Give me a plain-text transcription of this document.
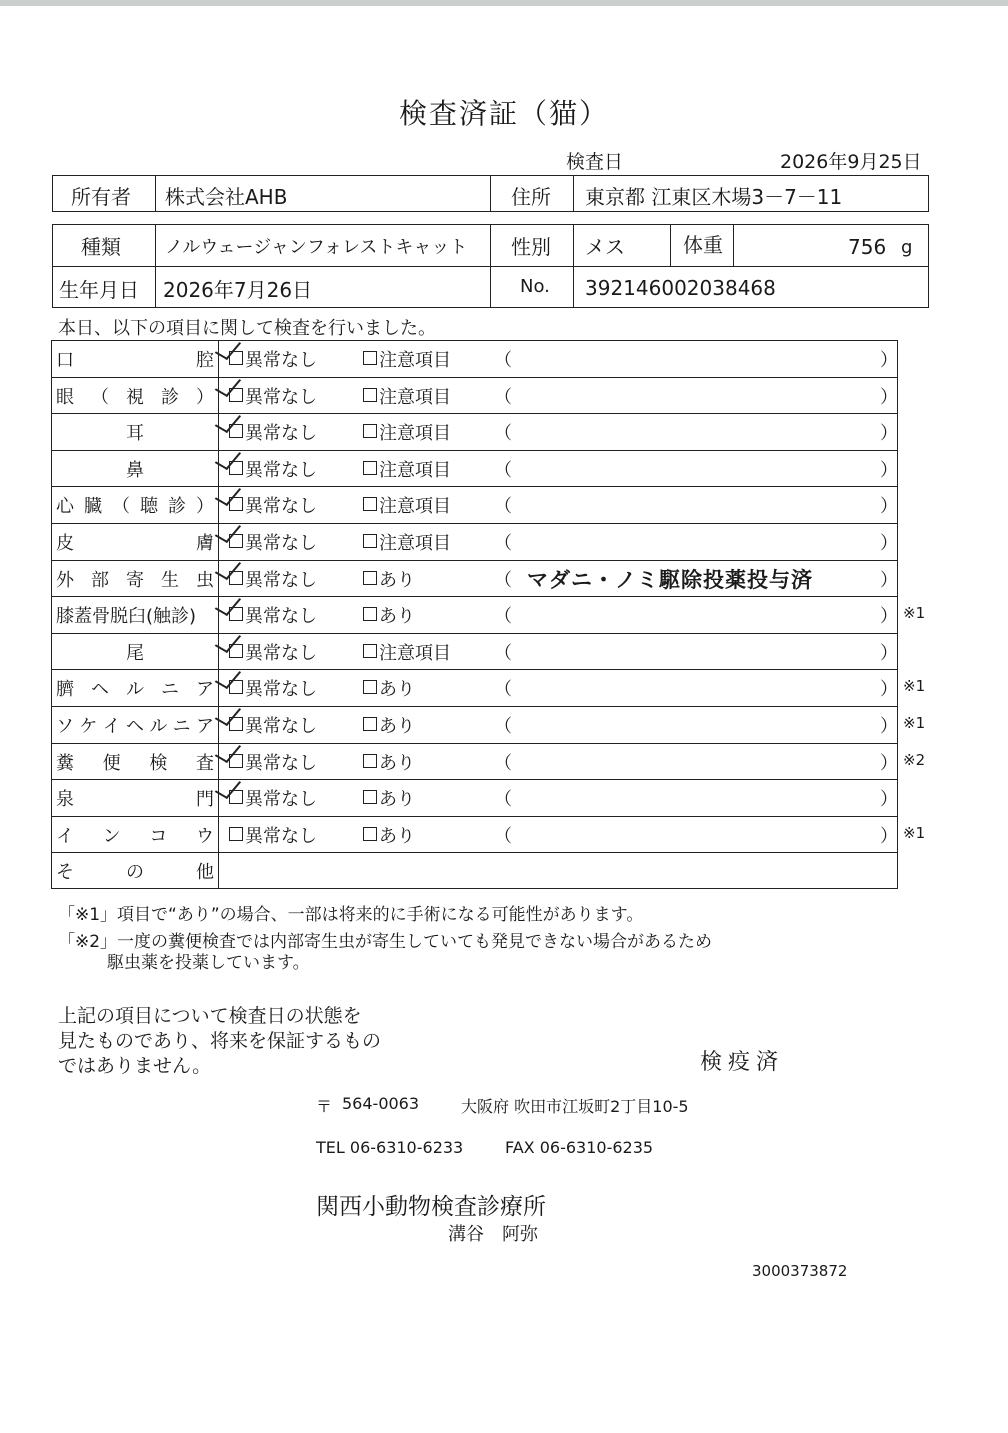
検査済証（猫）
検査日	2026年9月25日
所有者 株式会社AHB	住所 東京都 江東区木場3－7－11
種類 ノルウェージャンフォレストキャット 性別 メス	体重	756 g
生年月日 2026年7月26日	No. 392146002038468
本日、以下の項目に関して検査を行いました。
口	腔 異常なし	注意項目 （	）
眼 （ 視 診 ） 異常なし	注意項目 （	）
耳	異常なし	注意項目 （	）
鼻	異常なし	注意項目 （	）
心 臓 （ 聴 診 ） 異常なし	注意項目 （	）
皮	膚 異常なし	注意項目 （	）
外 部 寄 生 虫 異常なし	あり	（ マダニ・ノミ駆除投薬投与済	）
膝蓋骨脱臼(触診)	異常なし	あり	（	） ※1
尾	異常なし	注意項目 （	）
臍 ヘ ル ニ ア 異常なし	あり	（	） ※1
ソ ケ イ ヘ ル ニ ア 異常なし	あり	（	） ※1
糞 便 検 査 異常なし	あり	（	） ※2
泉	門 異常なし	あり	（	）
イ ン コ ウ 異常なし	あり	（	） ※1
そ	の	他
「※1」項目で“あり”の場合、一部は将来的に手術になる可能性があります。
「※2」一度の糞便検査では内部寄生虫が寄生していても発見できない場合があるため
駆虫薬を投薬しています。
上記の項目について検査日の状態を
見たものであり、将来を保証するもの
ではありません。	検疫済
〒 564-0063	大阪府 吹田市江坂町2丁目10-5
TEL 06-6310-6233	FAX 06-6310-6235
関西小動物検査診療所
溝谷　阿弥
3000373872
